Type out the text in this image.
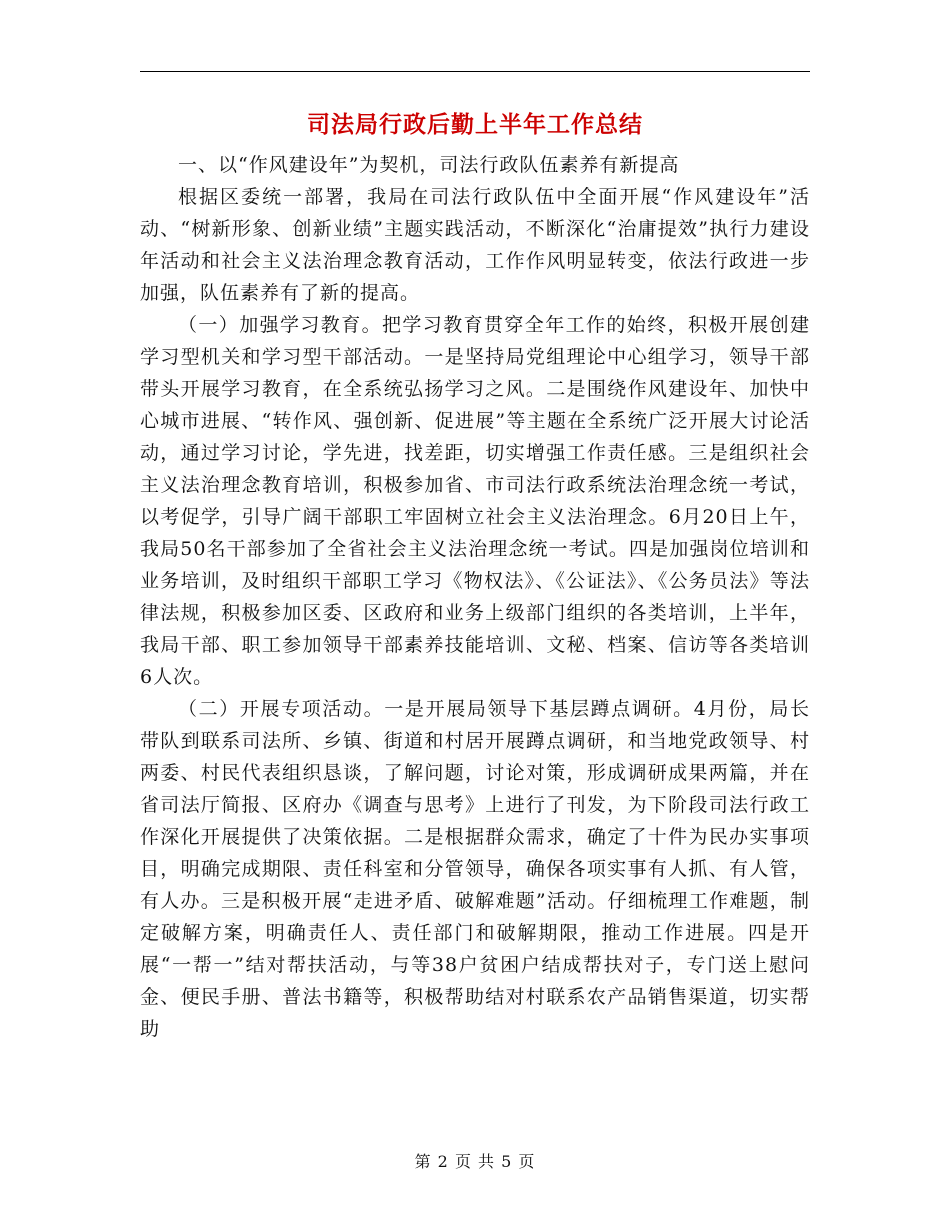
司法局行政后勤上半年工作总结

一、以“作风建设年”为契机，司法行政队伍素养有新提高

根据区委统一部署，我局在司法行政队伍中全面开展“作风建设年”活动、“树新形象、创新业绩”主题实践活动，不断深化“治庸提效”执行力建设年活动和社会主义法治理念教育活动，工作作风明显转变，依法行政进一步加强，队伍素养有了新的提高。

（一）加强学习教育。把学习教育贯穿全年工作的始终，积极开展创建学习型机关和学习型干部活动。一是坚持局党组理论中心组学习，领导干部带头开展学习教育，在全系统弘扬学习之风。二是围绕作风建设年、加快中心城市进展、“转作风、强创新、促进展”等主题在全系统广泛开展大讨论活动，通过学习讨论，学先进，找差距，切实增强工作责任感。三是组织社会主义法治理念教育培训，积极参加省、市司法行政系统法治理念统一考试，以考促学，引导广阔干部职工牢固树立社会主义法治理念。6月20日上午，我局50名干部参加了全省社会主义法治理念统一考试。四是加强岗位培训和业务培训，及时组织干部职工学习《物权法》、《公证法》、《公务员法》等法律法规，积极参加区委、区政府和业务上级部门组织的各类培训，上半年，我局干部、职工参加领导干部素养技能培训、文秘、档案、信访等各类培训6人次。

（二）开展专项活动。一是开展局领导下基层蹲点调研。4月份，局长带队到联系司法所、乡镇、街道和村居开展蹲点调研，和当地党政领导、村两委、村民代表组织恳谈，了解问题，讨论对策，形成调研成果两篇，并在省司法厅简报、区府办《调查与思考》上进行了刊发，为下阶段司法行政工作深化开展提供了决策依据。二是根据群众需求，确定了十件为民办实事项目，明确完成期限、责任科室和分管领导，确保各项实事有人抓、有人管，有人办。三是积极开展“走进矛盾、破解难题”活动。仔细梳理工作难题，制定破解方案，明确责任人、责任部门和破解期限，推动工作进展。四是开展“一帮一”结对帮扶活动，与等38户贫困户结成帮扶对子，专门送上慰问金、便民手册、普法书籍等，积极帮助结对村联系农产品销售渠道，切实帮助

第 2 页 共 5 页
